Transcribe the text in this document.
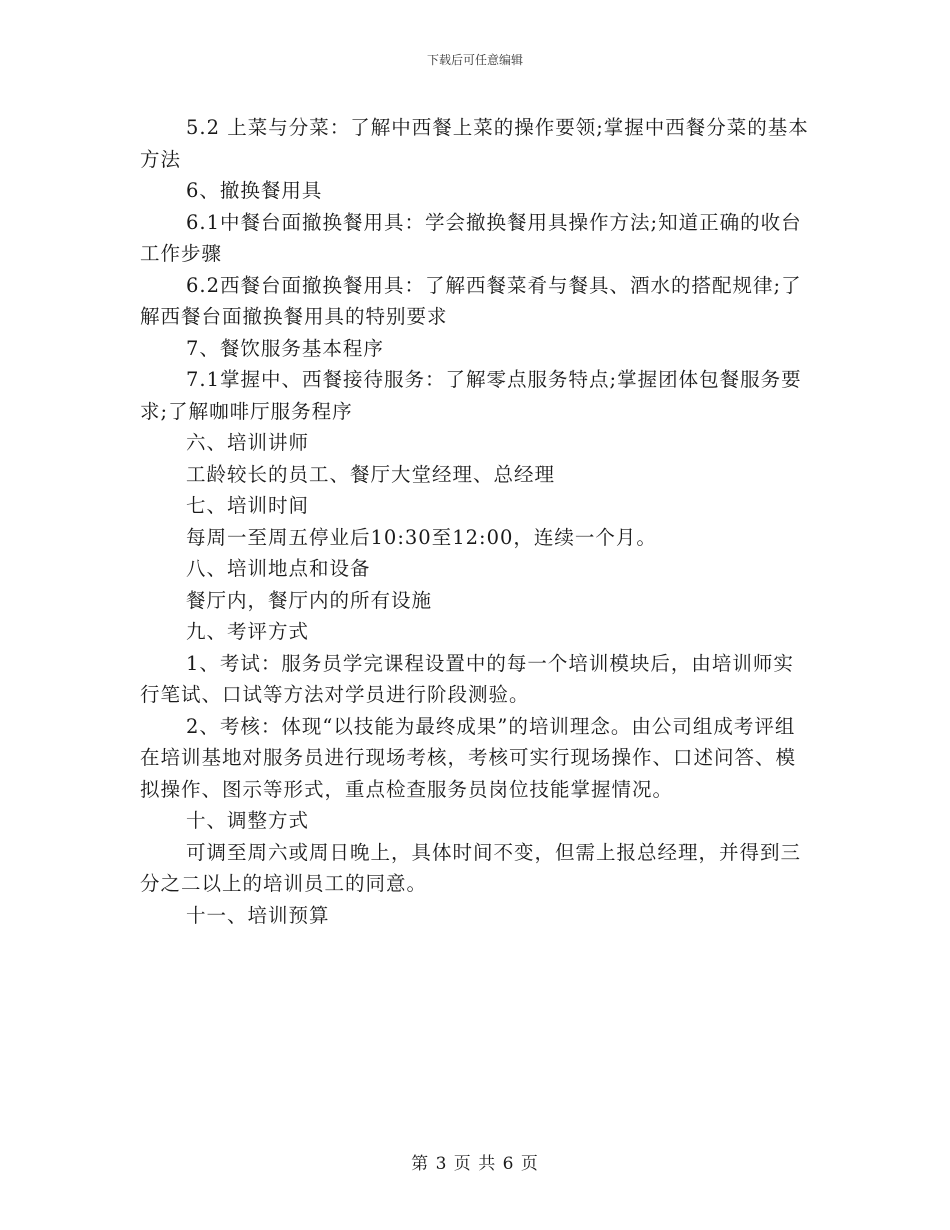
下载后可任意编辑

5.2 上菜与分菜：了解中西餐上菜的操作要领;掌握中西餐分菜的基本方法

6、撤换餐用具

6.1中餐台面撤换餐用具：学会撤换餐用具操作方法;知道正确的收台工作步骤

6.2西餐台面撤换餐用具：了解西餐菜肴与餐具、酒水的搭配规律;了解西餐台面撤换餐用具的特别要求

7、餐饮服务基本程序

7.1掌握中、西餐接待服务：了解零点服务特点;掌握团体包餐服务要求;了解咖啡厅服务程序

六、培训讲师

工龄较长的员工、餐厅大堂经理、总经理

七、培训时间

每周一至周五停业后10:30至12:00，连续一个月。

八、培训地点和设备

餐厅内，餐厅内的所有设施

九、考评方式

1、考试：服务员学完课程设置中的每一个培训模块后，由培训师实行笔试、口试等方法对学员进行阶段测验。

2、考核：体现“以技能为最终成果”的培训理念。由公司组成考评组在培训基地对服务员进行现场考核，考核可实行现场操作、口述问答、模拟操作、图示等形式，重点检查服务员岗位技能掌握情况。

十、调整方式

可调至周六或周日晚上，具体时间不变，但需上报总经理，并得到三分之二以上的培训员工的同意。

十一、培训预算

第 3 页 共 6 页
